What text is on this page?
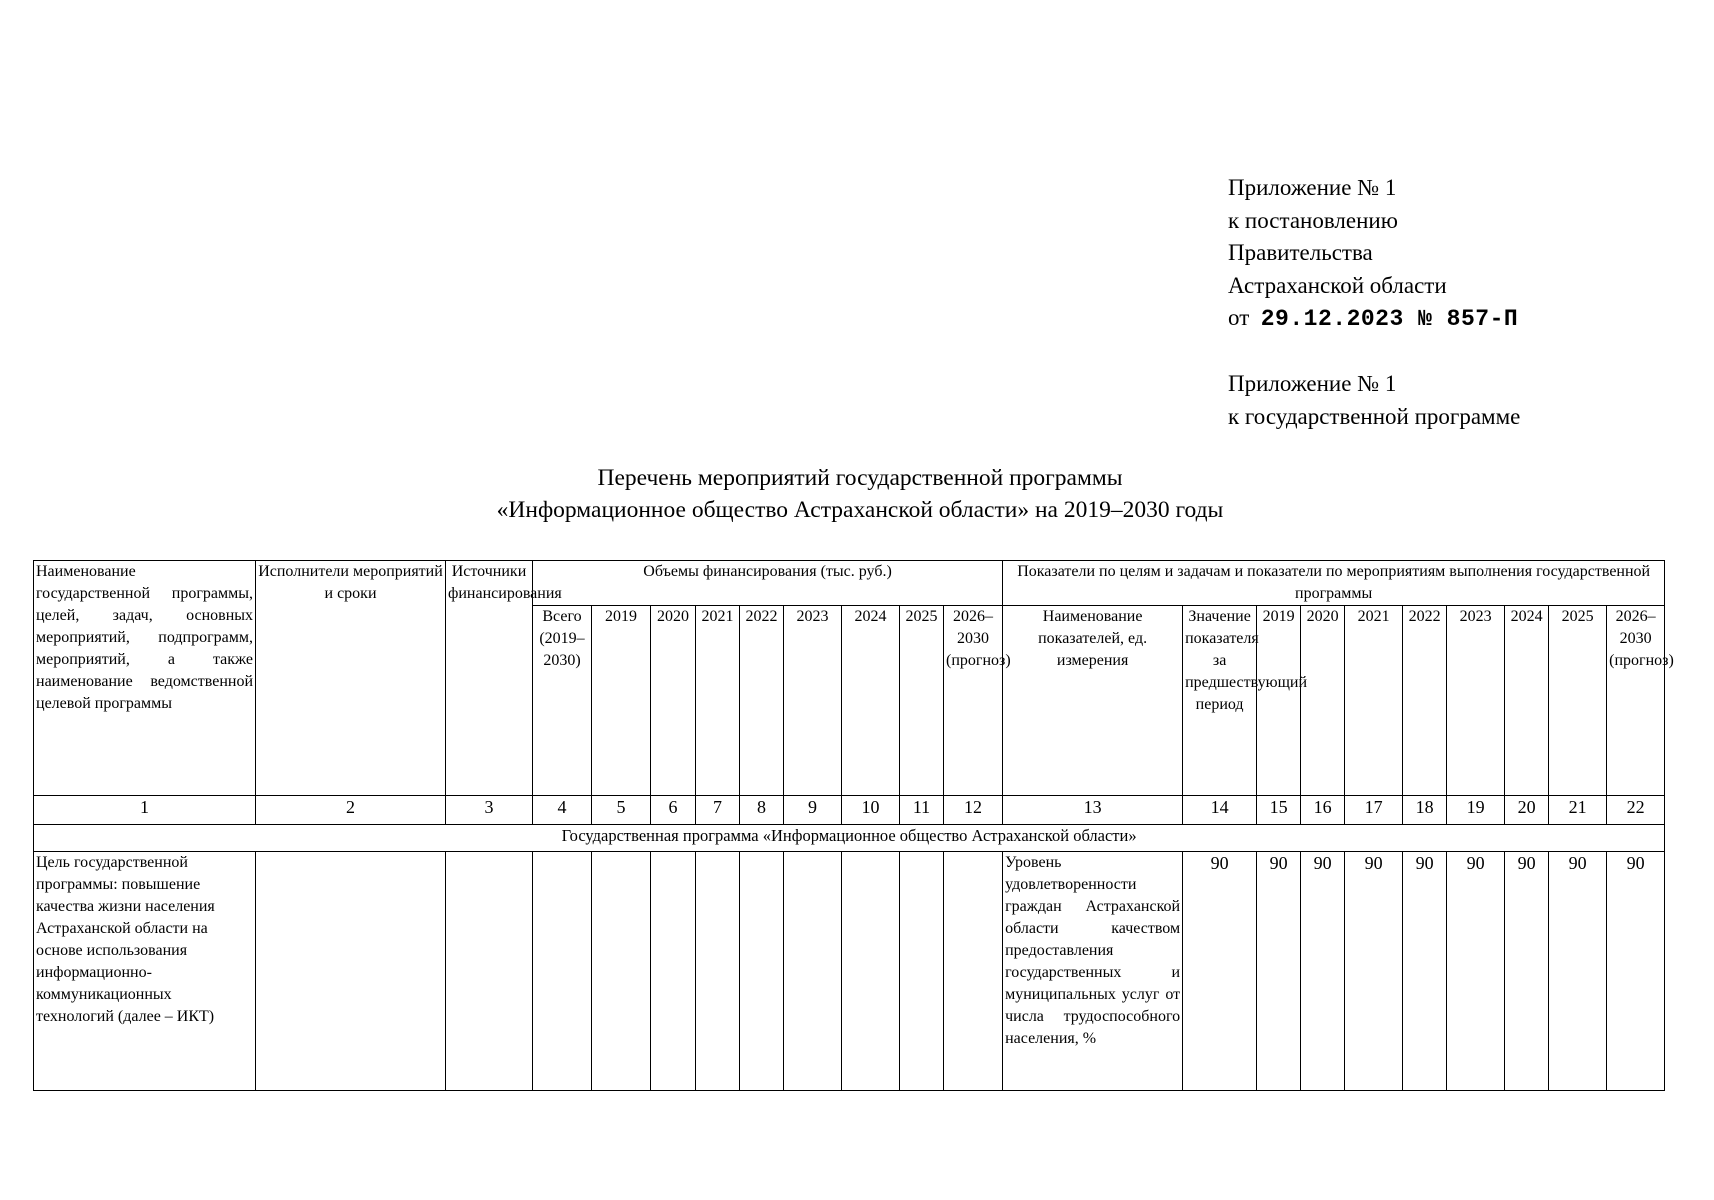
Приложение № 1
к постановлению
Правительства
Астраханской области
от 29.12.2023 № 857-П
Приложение № 1
к государственной программе
Перечень мероприятий государственной программы
«Информационное общество Астраханской области» на 2019–2030 годы
Наименование государственной программы, целей, задач, основных мероприятий, подпрограмм, мероприятий, а также наименование ведомственной целевой программы	Исполнители мероприятий и сроки	Источники финансирования	Объемы финансирования (тыс. руб.)									Показатели по целям и задачам и показатели по мероприятиям выполнения государственной программы									
			Всего (2019–2030)	2019	2020	2021	2022	2023	2024	2025	2026–2030 (прогноз)	Наименование показателей, ед. измерения	Значение показателя за предшествующий период	2019	2020	2021	2022	2023	2024	2025	2026–2030 (прогноз)
1	2	3	4	5	6	7	8	9	10	11	12	13	14	15	16	17	18	19	20	21	22
Государственная программа «Информационное общество Астраханской области»																					
Цель государственной программы: повышение качества жизни населения Астраханской области на основе использования информационно-коммуникационных технологий (далее – ИКТ)												Уровень удовлетворенности граждан Астраханской области качеством предоставления государственных и муниципальных услуг от числа трудоспособного населения, %	90	90	90	90	90	90	90	90	90
